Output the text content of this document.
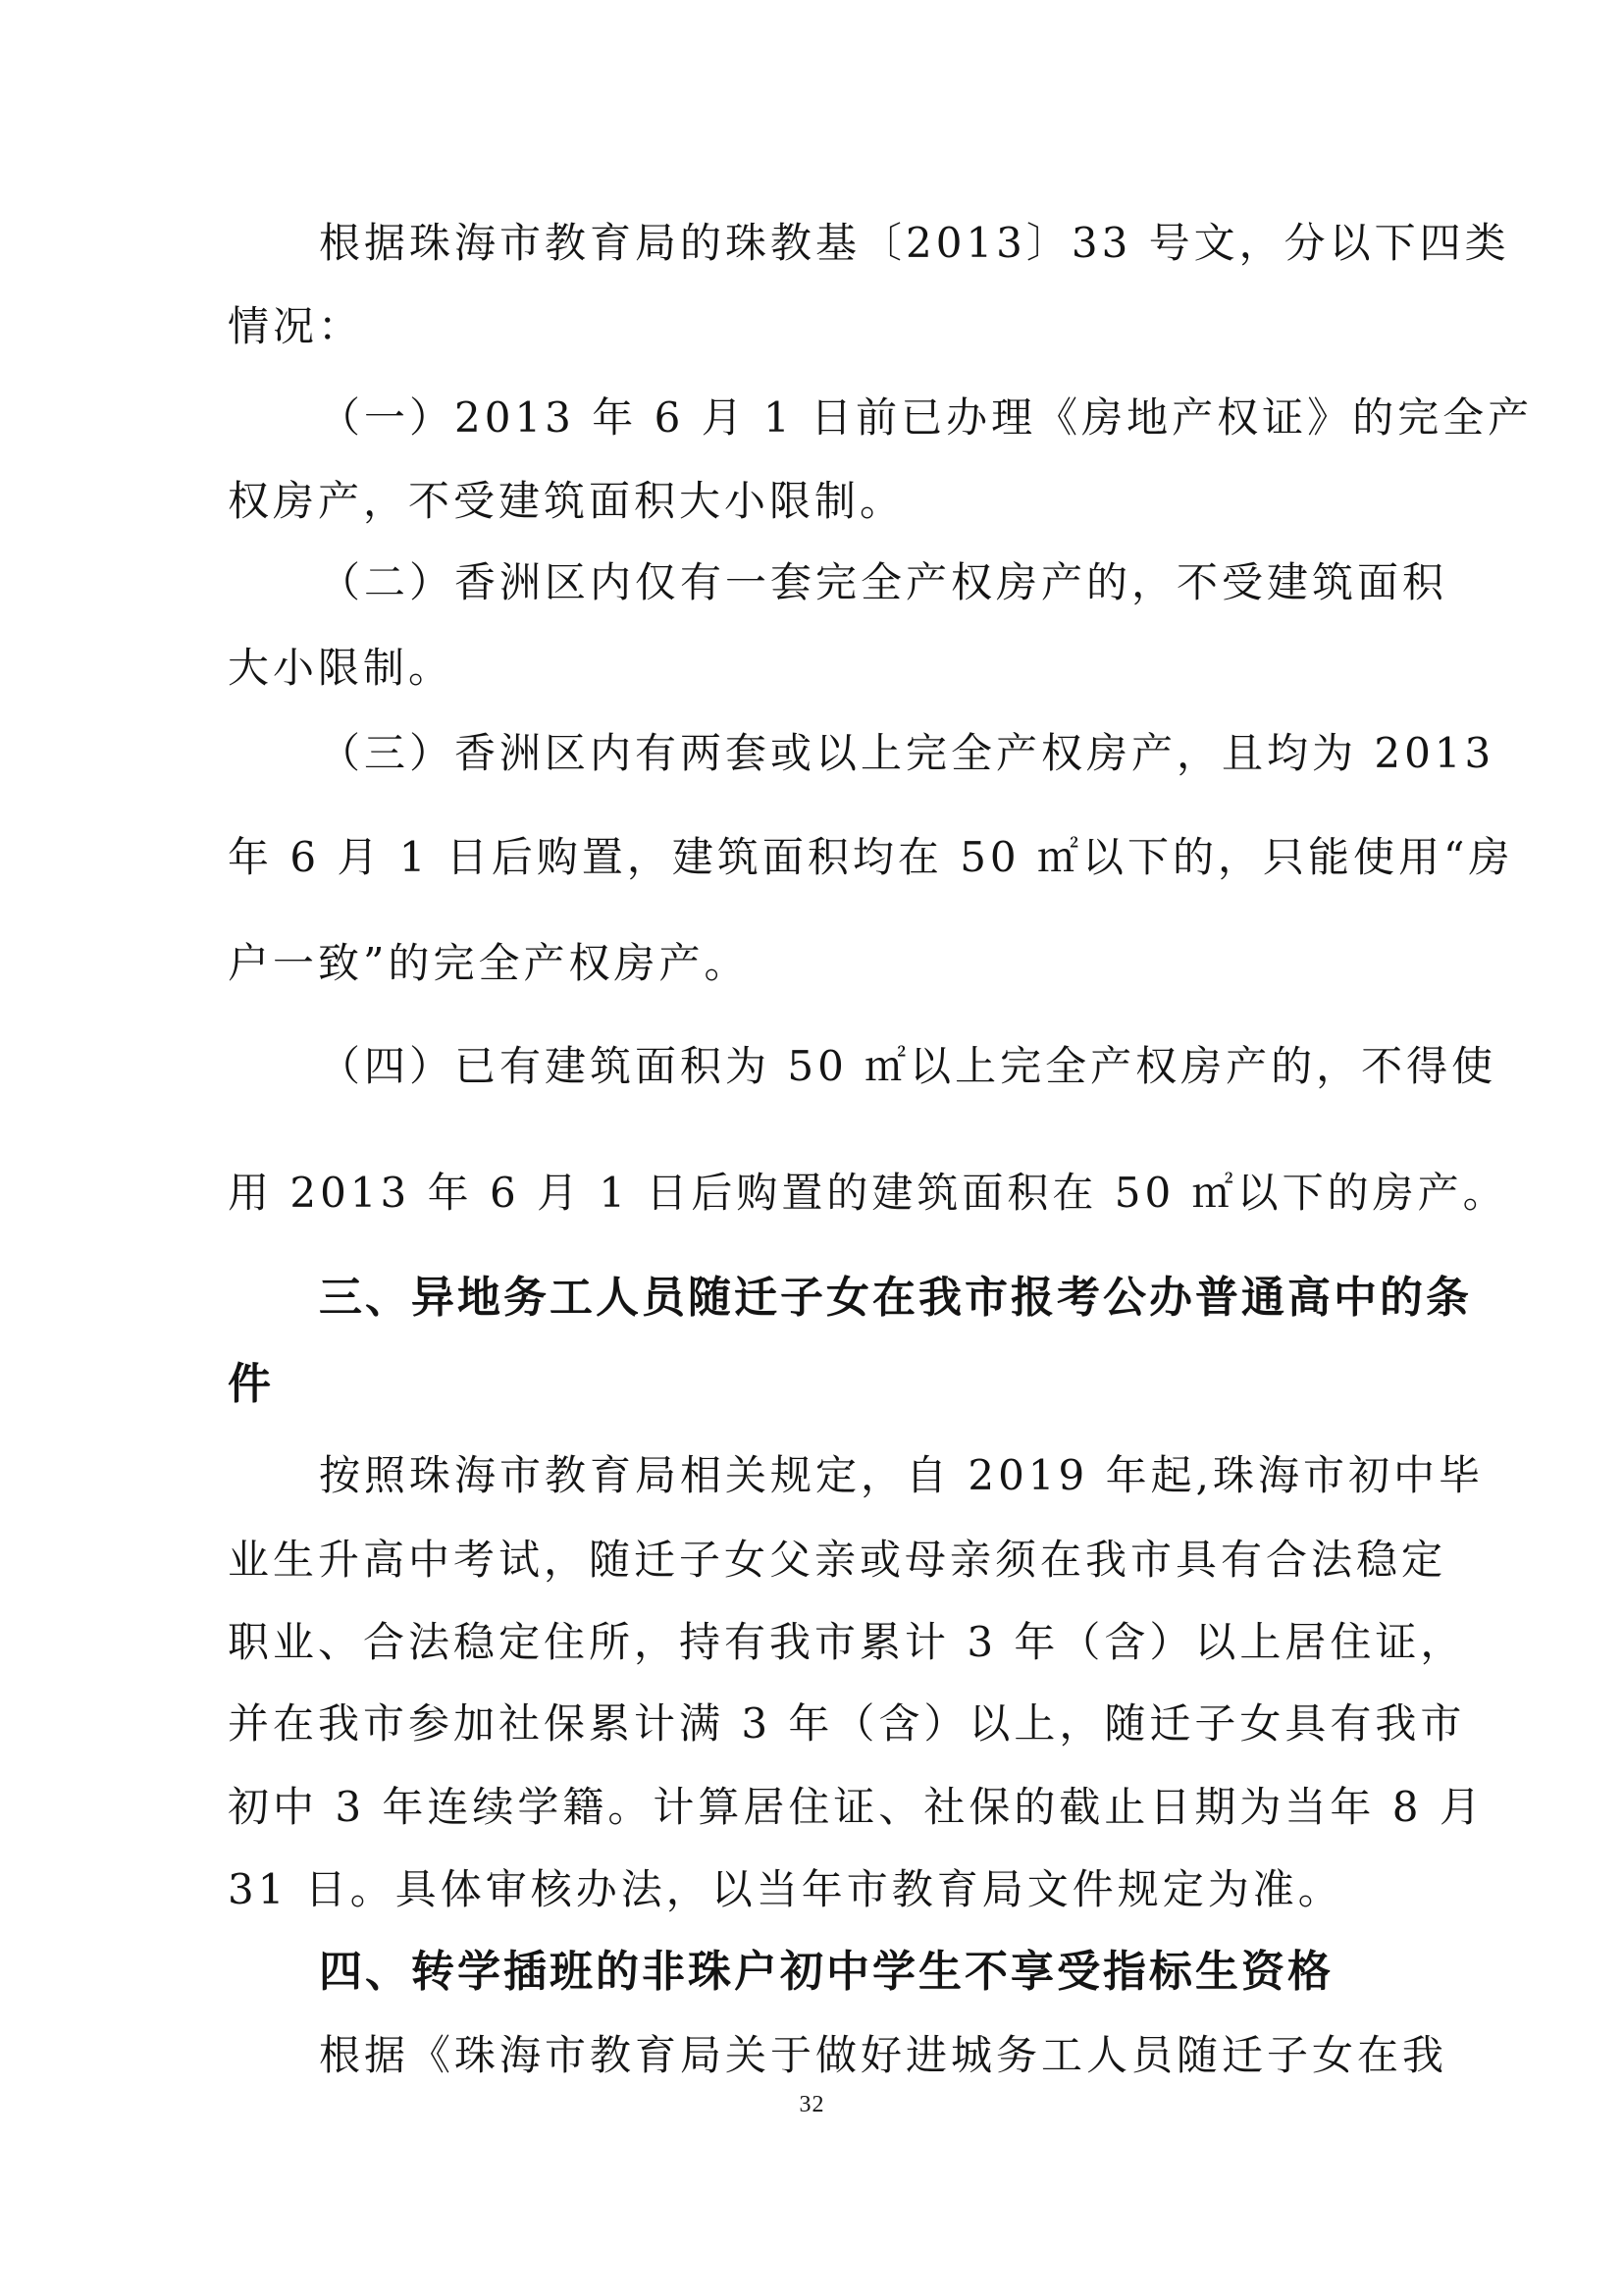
根据珠海市教育局的珠教基〔2013〕33 号文，分以下四类
情况：
（一）2013 年 6 月 1 日前已办理《房地产权证》的完全产
权房产，不受建筑面积大小限制。
（二）香洲区内仅有一套完全产权房产的，不受建筑面积
大小限制。
（三）香洲区内有两套或以上完全产权房产，且均为 2013
年 6 月 1 日后购置，建筑面积均在 50 ㎡以下的，只能使用“房
户一致”的完全产权房产。
（四）已有建筑面积为 50 ㎡以上完全产权房产的，不得使
用 2013 年 6 月 1 日后购置的建筑面积在 50 ㎡以下的房产。
三、异地务工人员随迁子女在我市报考公办普通高中的条
件
按照珠海市教育局相关规定，自 2019 年起,珠海市初中毕
业生升高中考试，随迁子女父亲或母亲须在我市具有合法稳定
职业、合法稳定住所，持有我市累计 3 年（含）以上居住证，
并在我市参加社保累计满 3 年（含）以上，随迁子女具有我市
初中 3 年连续学籍。计算居住证、社保的截止日期为当年 8 月
31 日。具体审核办法，以当年市教育局文件规定为准。
四、转学插班的非珠户初中学生不享受指标生资格
根据《珠海市教育局关于做好进城务工人员随迁子女在我
32
